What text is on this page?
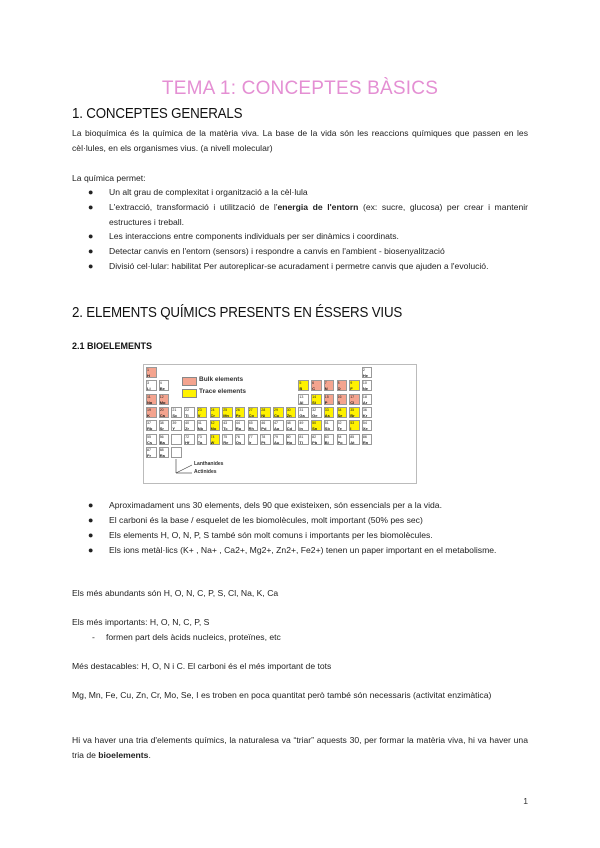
TEMA 1: CONCEPTES BÀSICS
1. CONCEPTES GENERALS
La bioquímica és la química de la matèria viva. La base de la vida són les reaccions químiques que passen en les cèl·lules, en els organismes vius. (a nivell molecular)
La química permet:
● Un alt grau de complexitat i organització a la cèl·lula
● L'extracció, transformació i utilització de l'energia de l'entorn (ex: sucre, glucosa) per crear i mantenir estructures i treball.
● Les interaccions entre components individuals per ser dinàmics i coordinats.
● Detectar canvis en l'entorn (sensors) i respondre a canvis en l'ambient - biosenyalització
● Divisió cel·lular: habilitat Per autoreplicar-se acuradament i permetre canvis que ajuden a l'evolució.
2. ELEMENTS QUÍMICS PRESENTS EN ÉSSERS VIUS
2.1 BIOELEMENTS
Bulk elements
Trace elements
Lanthanides
Actinides
1
H
2
He
3
Li
4
Be
5
B
6
C
7
N
8
O
9
F
10
Ne
11
Na
12
Mg
13
Al
14
Si
15
P
16
S
17
Cl
18
Ar
19
K
20
Ca
21
Sc
22
Ti
23
V
24
Cr
25
Mn
26
Fe
27
Co
28
Ni
29
Cu
30
Zn
31
Ga
32
Ge
33
As
34
Se
35
Br
36
Kr
37
Rb
38
Sr
39
Y
40
Zr
41
Nb
42
Mo
43
Tc
44
Ru
45
Rh
46
Pd
47
Ag
48
Cd
49
In
50
Sn
51
Sb
52
Te
53
I
54
Xe
55
Cs
56
Ba
72
Hf
73
Ta
74
W
75
Re
76
Os
77
Ir
78
Pt
79
Au
80
Hg
81
Tl
82
Pb
83
Bi
84
Po
85
At
86
Rn
87
Fr
88
Ra
● Aproximadament uns 30 elements, dels 90 que existeixen, són essencials per a la vida.
● El carboni és la base / esquelet de les biomolècules, molt important (50% pes sec)
● Els elements H, O, N, P, S també són molt comuns i importants per les biomolècules.
● Els ions metàl·lics (K+ , Na+ , Ca2+, Mg2+, Zn2+, Fe2+) tenen un paper important en el metabolisme.
Els més abundants són H, O, N, C, P, S, Cl, Na, K, Ca
Els més importants: H, O, N, C, P, S
-	formen part dels àcids nucleics, proteïnes, etc
Més destacables: H, O, N i C. El carboni és el més important de tots
Mg, Mn, Fe, Cu, Zn, Cr, Mo, Se, I es troben en poca quantitat però també són necessaris (activitat enzimàtica)
Hi va haver una tria d'elements químics, la naturalesa va “triar” aquests 30, per formar la matèria viva, hi va haver una tria de bioelements.
1
